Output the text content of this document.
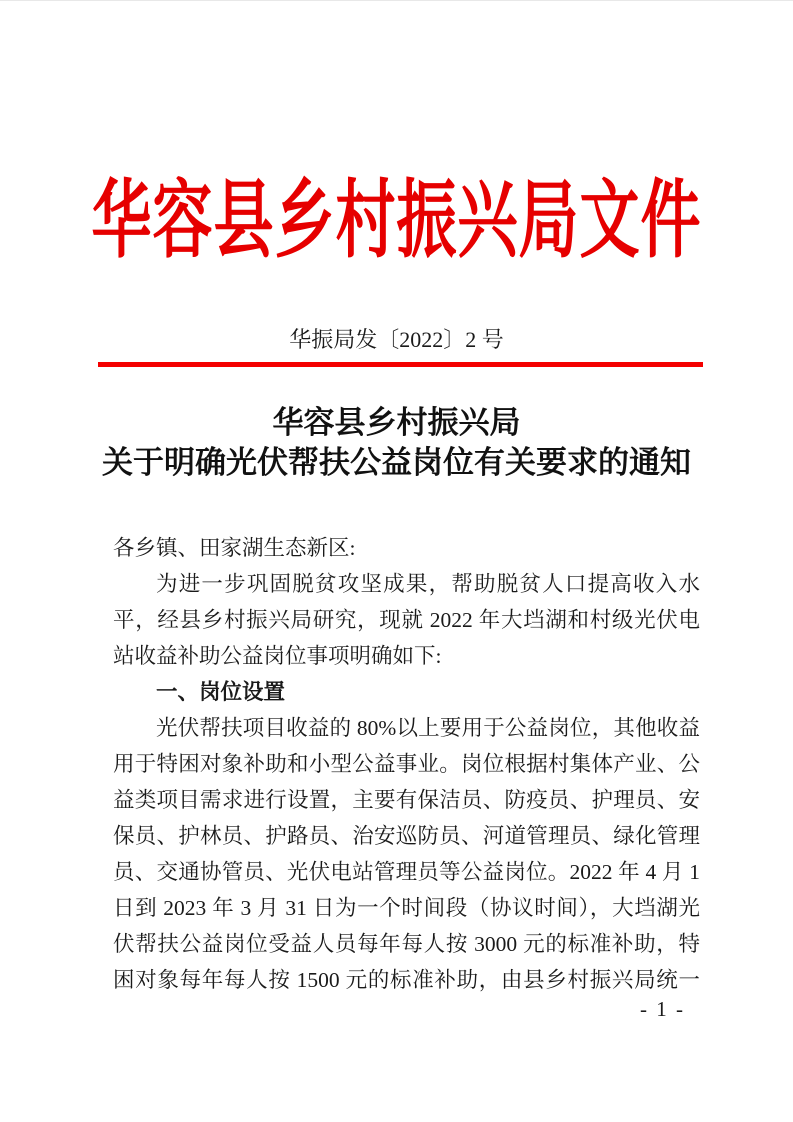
华容县乡村振兴局文件
华振局发〔2022〕2 号
华容县乡村振兴局
关于明确光伏帮扶公益岗位有关要求的通知
各乡镇、田家湖生态新区:
为进一步巩固脱贫攻坚成果，帮助脱贫人口提高收入水
平，经县乡村振兴局研究，现就 2022 年大垱湖和村级光伏电
站收益补助公益岗位事项明确如下:
一、岗位设置
光伏帮扶项目收益的 80%以上要用于公益岗位，其他收益
用于特困对象补助和小型公益事业。岗位根据村集体产业、公
益类项目需求进行设置，主要有保洁员、防疫员、护理员、安
保员、护林员、护路员、治安巡防员、河道管理员、绿化管理
员、交通协管员、光伏电站管理员等公益岗位。2022 年 4 月 1
日到 2023 年 3 月 31 日为一个时间段（协议时间），大垱湖光
伏帮扶公益岗位受益人员每年每人按 3000 元的标准补助，特
困对象每年每人按 1500 元的标准补助，由县乡村振兴局统一
- 1 -
